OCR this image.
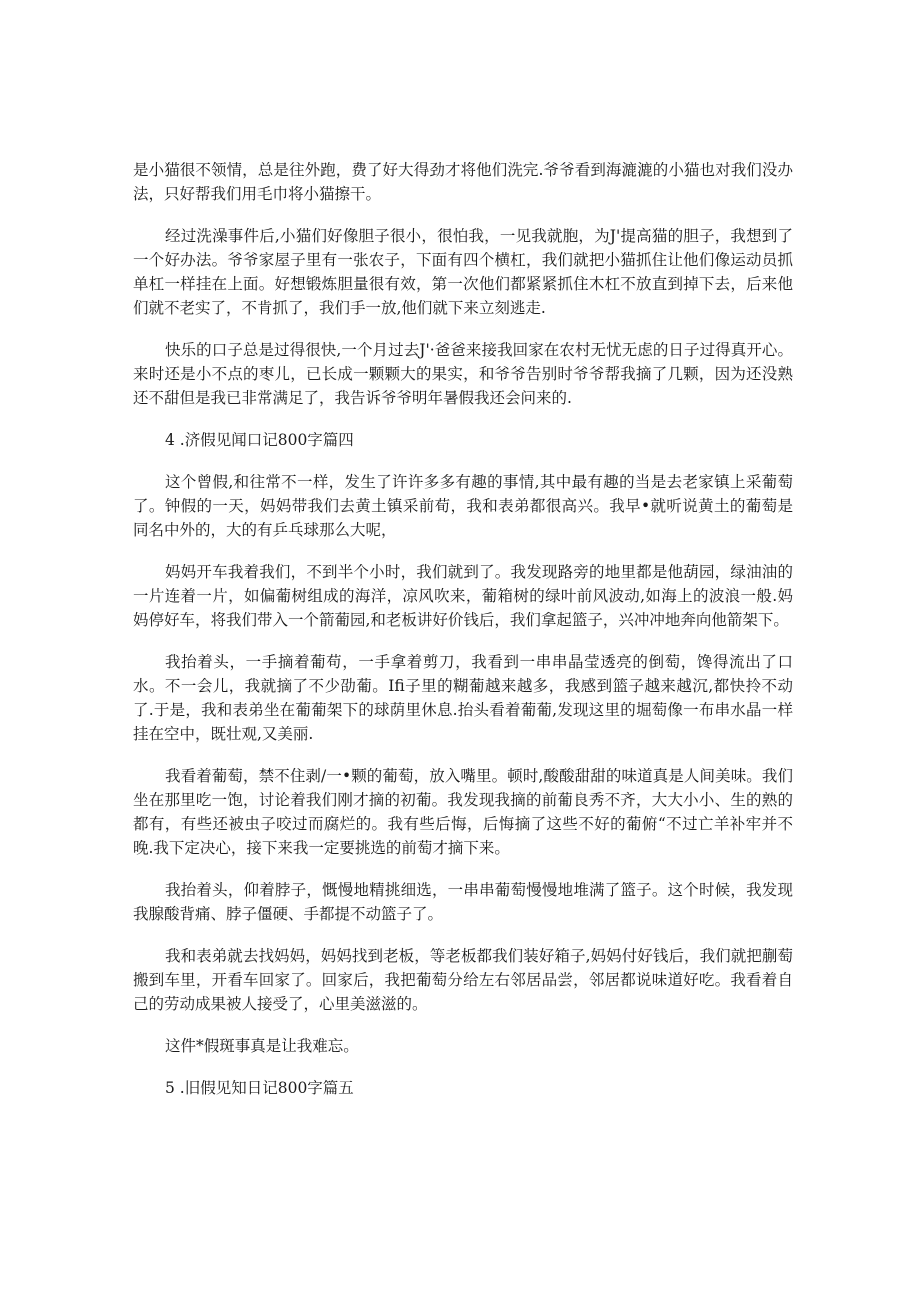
是小猫很不领情，总是往外跑，费了好大得劲才将他们洗完.爷爷看到海漉漉的小猫也对我们没办法，只好帮我们用毛巾将小猫擦干。

经过洗澡事件后,小猫们好像胆子很小，很怕我，一见我就胞，为J'提高猫的胆子，我想到了一个好办法。爷爷家屋子里有一张农子，下面有四个横杠，我们就把小猫抓住让他们像运动员抓单杠一样挂在上面。好想锻炼胆量很有效，第一次他们都紧紧抓住木杠不放直到掉下去，后来他们就不老实了，不肯抓了，我们手一放,他们就下来立刻逃走.

快乐的口子总是过得很快,一个月过去J'·爸爸来接我回家在农村无忧无虑的日子过得真开心。来时还是小不点的枣儿，已长成一颗颗大的果实，和爷爷告别时爷爷帮我摘了几颗，因为还没熟还不甜但是我已非常满足了，我告诉爷爷明年暑假我还会问来的.

4 .济假见闻口记800字篇四

这个曾假,和往常不一样，发生了许许多多有趣的事情,其中最有趣的当是去老家镇上采葡萄了。钟假的一天，妈妈带我们去黄土镇采前荀，我和表弟都很高兴。我早•就听说黄土的葡萄是同名中外的，大的有乒乓球那么大呢，

妈妈开车我着我们，不到半个小时，我们就到了。我发现路旁的地里都是他葫园，绿油油的一片连着一片，如偏葡树组成的海洋，凉风吹来，葡箱树的绿叶前风波动,如海上的波浪一般.妈妈停好车，将我们带入一个箭葡园,和老板讲好价钱后，我们拿起篮子，兴冲冲地奔向他箭架下。

我抬着头，一手摘着葡苟，一手拿着剪刀，我看到一串串晶莹透亮的倒萄，馋得流出了口水。不一会儿，我就摘了不少劭葡。Ifi子里的糊葡越来越多，我感到篮子越来越沉,都快拎不动了.于是，我和表弟坐在葡葡架下的球荫里休息.抬头看着葡葡,发现这里的堀萄像一布串水晶一样挂在空中，既壮观,又美丽.

我看着葡萄，禁不住剥/一•颗的葡萄，放入嘴里。顿时,酸酸甜甜的味道真是人间美味。我们坐在那里吃一饱，讨论着我们刚才摘的初葡。我发现我摘的前葡良秀不齐，大大小小、生的熟的都有，有些还被虫子咬过而腐烂的。我有些后悔，后悔摘了这些不好的葡俯“不过亡羊补牢并不晚.我下定决心，接下来我一定要挑选的前萄才摘下来。

我抬着头，仰着脖子，慨慢地精挑细选，一串串葡萄慢慢地堆满了篮子。这个时候，我发现我腺酸背痛、脖子僵硬、手都提不动篮子了。

我和表弟就去找妈妈，妈妈找到老板，等老板都我们装好箱子,妈妈付好钱后，我们就把蒯萄搬到车里，开看车回家了。回家后，我把葡萄分给左右邻居品尝，邻居都说味道好吃。我看着自己的劳动成果被人接受了，心里美滋滋的。

这件*假斑事真是让我难忘。

5 .旧假见知日记800字篇五
